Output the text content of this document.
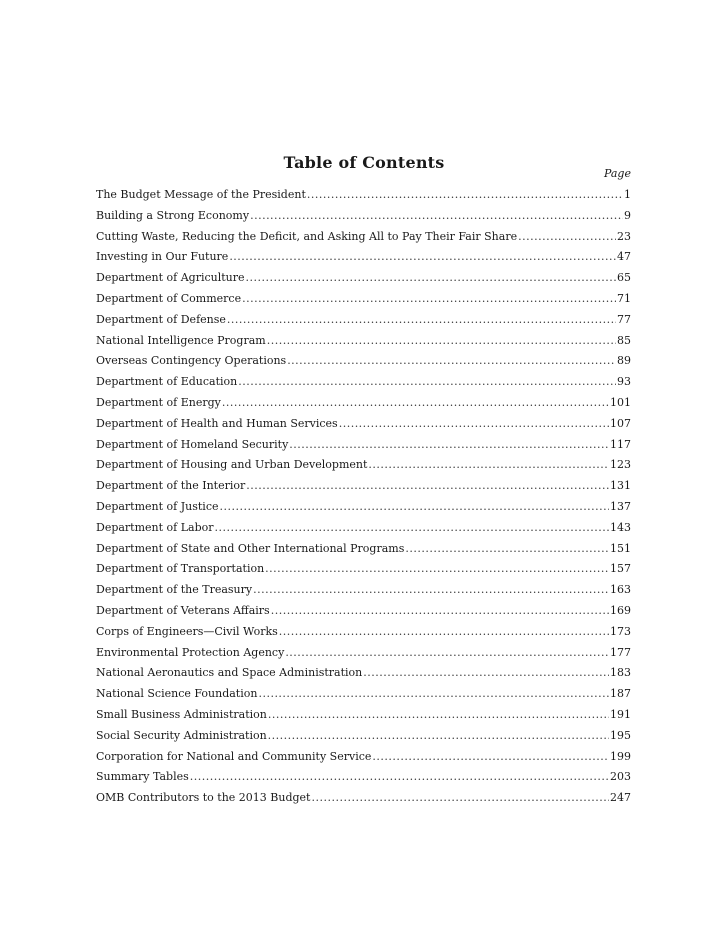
Table of Contents
Page
The Budget Message of the President .....	1
Building a Strong Economy .....	9
Cutting Waste, Reducing the Deficit, and Asking All to Pay Their Fair Share .....	23
Investing in Our Future .....	47
Department of Agriculture .....	65
Department of Commerce .....	71
Department of Defense .....	77
National Intelligence Program .....	85
Overseas Contingency Operations .....	89
Department of Education .....	93
Department of Energy .....	101
Department of Health and Human Services .....	107
Department of Homeland Security .....	117
Department of Housing and Urban Development .....	123
Department of the Interior .....	131
Department of Justice .....	137
Department of Labor .....	143
Department of State and Other International Programs .....	151
Department of Transportation .....	157
Department of the Treasury .....	163
Department of Veterans Affairs .....	169
Corps of Engineers—Civil Works .....	173
Environmental Protection Agency .....	177
National Aeronautics and Space Administration .....	183
National Science Foundation .....	187
Small Business Administration .....	191
Social Security Administration .....	195
Corporation for National and Community Service .....	199
Summary Tables .....	203
OMB Contributors to the 2013 Budget .....	247
